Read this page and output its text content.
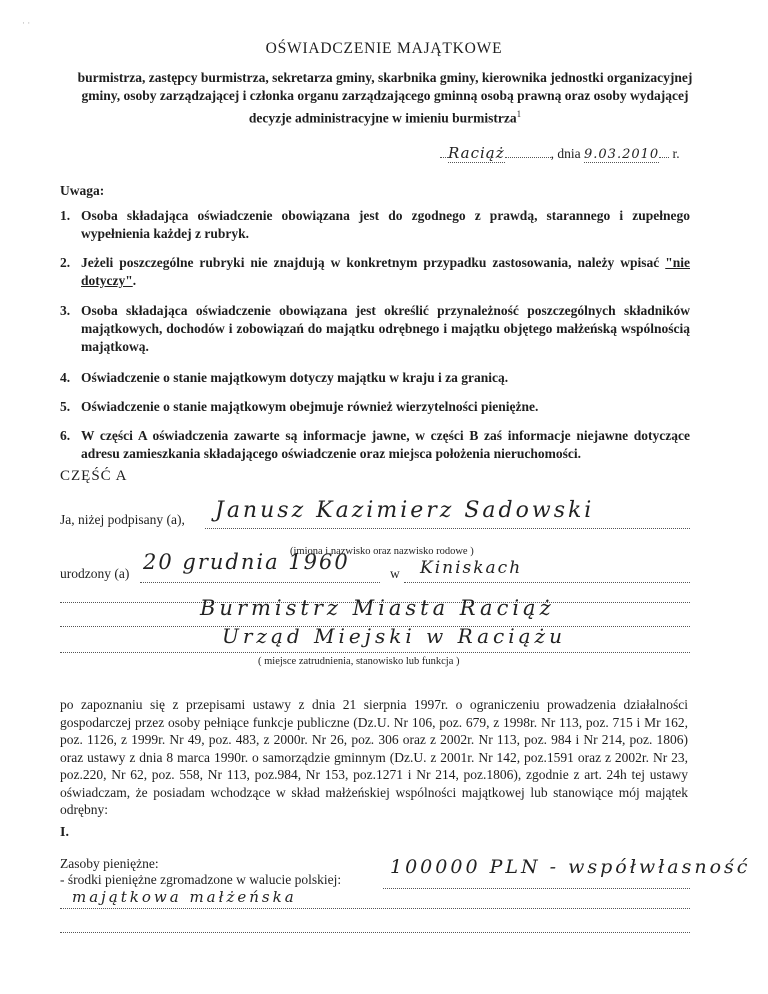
· ·
OŚWIADCZENIE MAJĄTKOWE
burmistrza, zastępcy burmistrza, sekretarza gminy, skarbnika gminy, kierownika jednostki organizacyjnej gminy, osoby zarządzającej i członka organu zarządzającego gminną osobą prawną oraz osoby wydającej decyzje administracyjne w imieniu burmistrza$^1$
Raciąż	, dnia 9.03.2010 r.
Uwaga:
1. Osoba składająca oświadczenie obowiązana jest do zgodnego z prawdą, starannego i zupełnego wypełnienia każdej z rubryk.
2. Jeżeli poszczególne rubryki nie znajdują w konkretnym przypadku zastosowania, należy wpisać "nie dotyczy".
3. Osoba składająca oświadczenie obowiązana jest określić przynależność poszczególnych składników majątkowych, dochodów i zobowiązań do majątku odrębnego i majątku objętego małżeńską wspólnością majątkową.
4. Oświadczenie o stanie majątkowym dotyczy majątku w kraju i za granicą.
5. Oświadczenie o stanie majątkowym obejmuje również wierzytelności pieniężne.
6. W części A oświadczenia zawarte są informacje jawne, w części B zaś informacje niejawne dotyczące adresu zamieszkania składającego oświadczenie oraz miejsca położenia nieruchomości.
CZĘŚĆ A
Ja, niżej podpisany (a),	Janusz Kazimierz Sadowski
(imiona i nazwisko oraz nazwisko rodowe )
urodzony (a) 20 grudnia 1960	w	Kiniskach
Burmistrz Miasta Raciąż
Urząd Miejski w Raciążu
( miejsce zatrudnienia, stanowisko lub funkcja )
po zapoznaniu się z przepisami ustawy z dnia 21 sierpnia 1997r. o ograniczeniu prowadzenia działalności gospodarczej przez osoby pełniące funkcje publiczne (Dz.U. Nr 106, poz. 679, z 1998r. Nr 113, poz. 715 i Mr 162, poz. 1126, z 1999r. Nr 49, poz. 483, z 2000r. Nr 26, poz. 306 oraz z 2002r. Nr 113, poz. 984 i Nr 214, poz. 1806) oraz ustawy z dnia 8 marca 1990r. o samorządzie gminnym (Dz.U. z 2001r. Nr 142, poz.1591 oraz z 2002r. Nr 23, poz.220, Nr 62, poz. 558, Nr 113, poz.984, Nr 153, poz.1271 i Nr 214, poz.1806), zgodnie z art. 24h tej ustawy oświadczam, że posiadam wchodzące w skład małżeńskiej wspólności majątkowej lub stanowiące mój majątek odrębny:
I.
Zasoby pieniężne:
- środki pieniężne zgromadzone w walucie polskiej:
100000 PLN - współwłasność
majątkowa małżeńska
